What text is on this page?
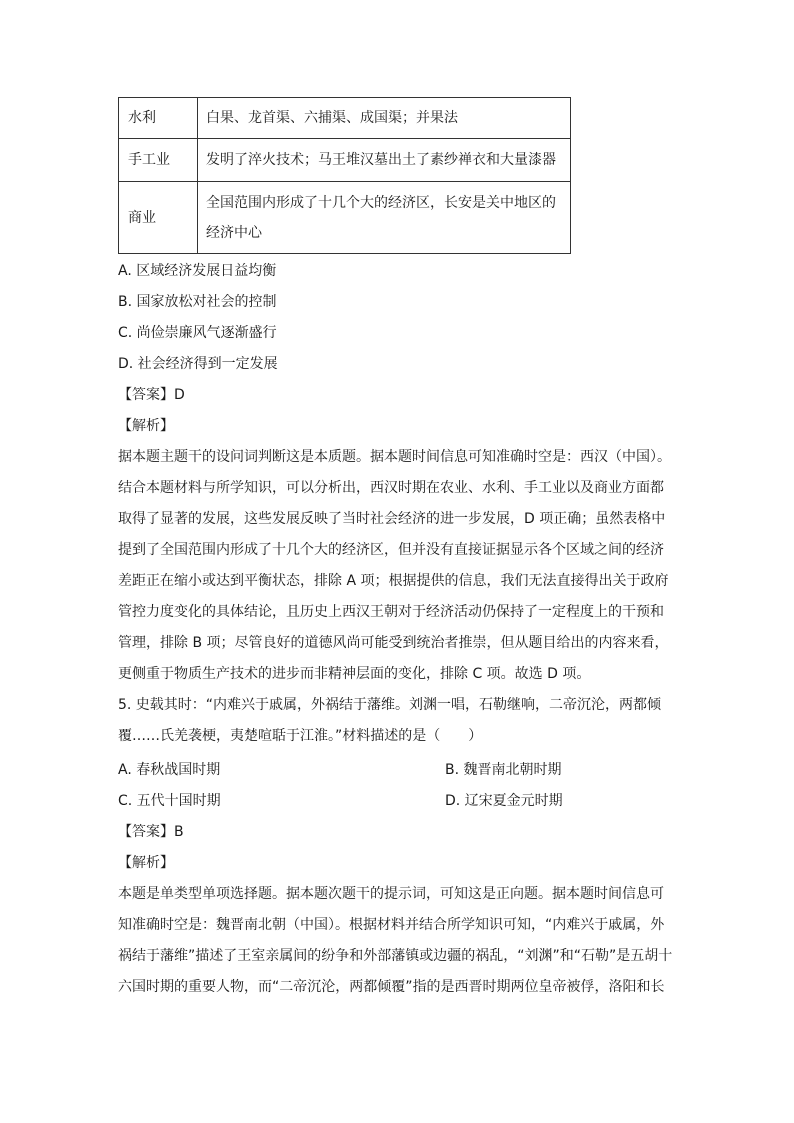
水利	白果、龙首渠、六捕渠、成国渠；并果法
手工业	发明了淬火技术；马王堆汉墓出土了素纱禅衣和大量漆器
商业	全国范围内形成了十几个大的经济区，长安是关中地区的
经济中心
A. 区域经济发展日益均衡
B. 国家放松对社会的控制
C. 尚俭崇廉风气逐渐盛行
D. 社会经济得到一定发展
【答案】D
【解析】
据本题主题干的设问词判断这是本质题。据本题时间信息可知准确时空是：西汉（中国）。
结合本题材料与所学知识，可以分析出，西汉时期在农业、水利、手工业以及商业方面都
取得了显著的发展，这些发展反映了当时社会经济的进一步发展，D 项正确；虽然表格中
提到了全国范围内形成了十几个大的经济区，但并没有直接证据显示各个区域之间的经济
差距正在缩小或达到平衡状态，排除 A 项；根据提供的信息，我们无法直接得出关于政府
管控力度变化的具体结论，且历史上西汉王朝对于经济活动仍保持了一定程度上的干预和
管理，排除 B 项；尽管良好的道德风尚可能受到统治者推崇，但从题目给出的内容来看，
更侧重于物质生产技术的进步而非精神层面的变化，排除 C 项。故选 D 项。
5. 史载其时：“内难兴于戚属，外祸结于藩维。刘渊一唱，石勒继响，二帝沉沦，两都倾
覆……氏羌袭梗，夷楚喧聒于江淮。”材料描述的是（　　）
A. 春秋战国时期	B. 魏晋南北朝时期
C. 五代十国时期	D. 辽宋夏金元时期
【答案】B
【解析】
本题是单类型单项选择题。据本题次题干的提示词，可知这是正向题。据本题时间信息可
知准确时空是：魏晋南北朝（中国）。根据材料并结合所学知识可知，“内难兴于戚属，外
祸结于藩维”描述了王室亲属间的纷争和外部藩镇或边疆的祸乱，“刘渊”和“石勒”是五胡十
六国时期的重要人物，而“二帝沉沦，两都倾覆”指的是西晋时期两位皇帝被俘，洛阳和长
